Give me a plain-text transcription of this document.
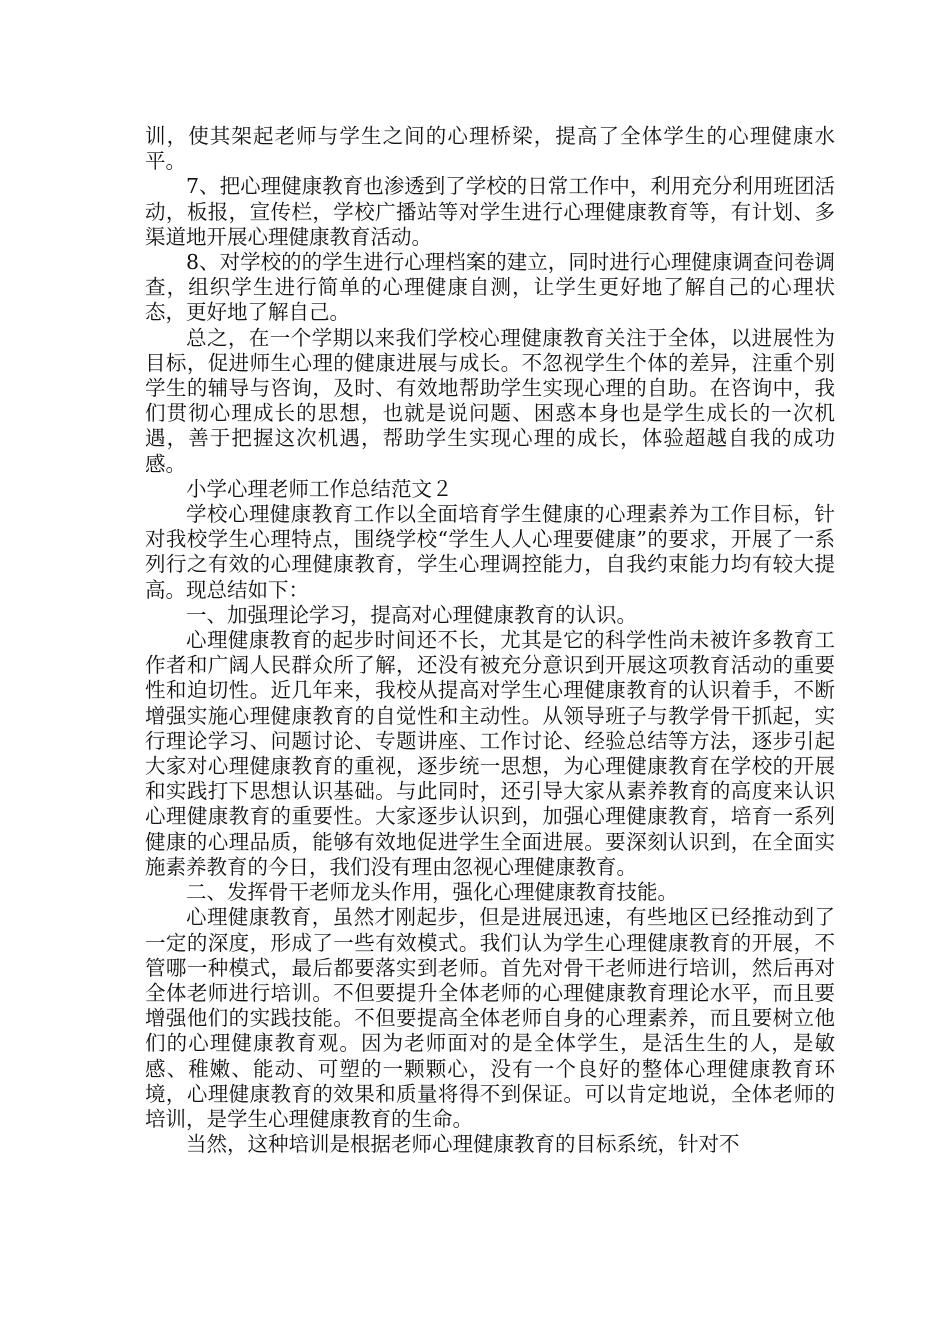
训，使其架起老师与学生之间的心理桥梁，提高了全体学生的心理健康水平。

7、把心理健康教育也渗透到了学校的日常工作中，利用充分利用班团活动，板报，宣传栏，学校广播站等对学生进行心理健康教育等，有计划、多渠道地开展心理健康教育活动。

8、对学校的的学生进行心理档案的建立，同时进行心理健康调查问卷调查，组织学生进行简单的心理健康自测，让学生更好地了解自己的心理状态，更好地了解自己。

总之，在一个学期以来我们学校心理健康教育关注于全体，以进展性为目标，促进师生心理的健康进展与成长。不忽视学生个体的差异，注重个别学生的辅导与咨询，及时、有效地帮助学生实现心理的自助。在咨询中，我们贯彻心理成长的思想，也就是说问题、困惑本身也是学生成长的一次机遇，善于把握这次机遇，帮助学生实现心理的成长，体验超越自我的成功感。

小学心理老师工作总结范文２

学校心理健康教育工作以全面培育学生健康的心理素养为工作目标，针对我校学生心理特点，围绕学校“学生人人心理要健康”的要求，开展了一系列行之有效的心理健康教育，学生心理调控能力，自我约束能力均有较大提高。现总结如下：

一、加强理论学习，提高对心理健康教育的认识。

心理健康教育的起步时间还不长，尤其是它的科学性尚未被许多教育工作者和广阔人民群众所了解，还没有被充分意识到开展这项教育活动的重要性和迫切性。近几年来，我校从提高对学生心理健康教育的认识着手，不断增强实施心理健康教育的自觉性和主动性。从领导班子与教学骨干抓起，实行理论学习、问题讨论、专题讲座、工作讨论、经验总结等方法，逐步引起大家对心理健康教育的重视，逐步统一思想，为心理健康教育在学校的开展和实践打下思想认识基础。与此同时，还引导大家从素养教育的高度来认识心理健康教育的重要性。大家逐步认识到，加强心理健康教育，培育一系列健康的心理品质，能够有效地促进学生全面进展。要深刻认识到，在全面实施素养教育的今日，我们没有理由忽视心理健康教育。

二、发挥骨干老师龙头作用，强化心理健康教育技能。

心理健康教育，虽然才刚起步，但是进展迅速，有些地区已经推动到了一定的深度，形成了一些有效模式。我们认为学生心理健康教育的开展，不管哪一种模式，最后都要落实到老师。首先对骨干老师进行培训，然后再对全体老师进行培训。不但要提升全体老师的心理健康教育理论水平，而且要增强他们的实践技能。不但要提高全体老师自身的心理素养，而且要树立他们的心理健康教育观。因为老师面对的是全体学生，是活生生的人，是敏感、稚嫩、能动、可塑的一颗颗心，没有一个良好的整体心理健康教育环境，心理健康教育的效果和质量将得不到保证。可以肯定地说，全体老师的培训，是学生心理健康教育的生命。

当然，这种培训是根据老师心理健康教育的目标系统，针对不
